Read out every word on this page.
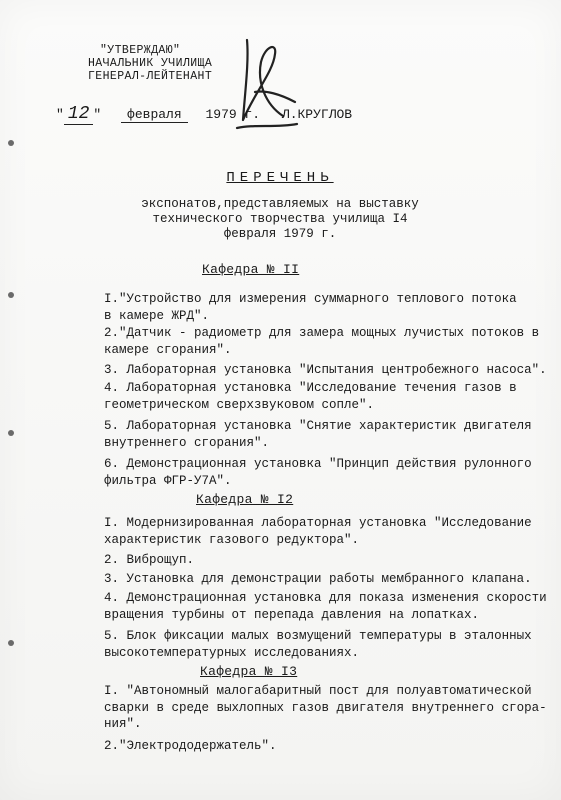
"УТВЕРЖДАЮ"
НАЧАЛЬНИК УЧИЛИЩА
ГЕНЕРАЛ-ЛЕЙТЕНАНТ
" 12 " февраля 1979 г. Л.КРУГЛОВ
ПЕРЕЧЕНЬ
экспонатов,представляемых на выставку
технического творчества училища I4
февраля 1979 г.
Кафедра № II
I."Устройство для измерения суммарного теплового потока
в камере ЖРД".
2."Датчик - радиометр для замера мощных лучистых потоков в
камере сгорания".
3. Лабораторная установка "Испытания центробежного насоса".
4. Лабораторная установка "Исследование течения газов в
геометрическом сверхзвуковом сопле".
5. Лабораторная установка "Снятие характеристик двигателя
внутреннего сгорания".
6. Демонстрационная установка "Принцип действия рулонного
фильтра ФГР-У7А".
Кафедра № I2
I. Модернизированная лабораторная установка "Исследование
характеристик газового редуктора".
2. Виброщуп.
3. Установка для демонстрации работы мембранного клапана.
4. Демонстрационная установка для показа изменения скорости
вращения турбины от перепада давления на лопатках.
5. Блок фиксации малых возмущений температуры в эталонных
высокотемпературных исследованиях.
Кафедра № I3
I. "Автономный малогабаритный пост для полуавтоматической
сварки в среде выхлопных газов двигателя внутреннего сгора-
ния".
2."Электрододержатель".
